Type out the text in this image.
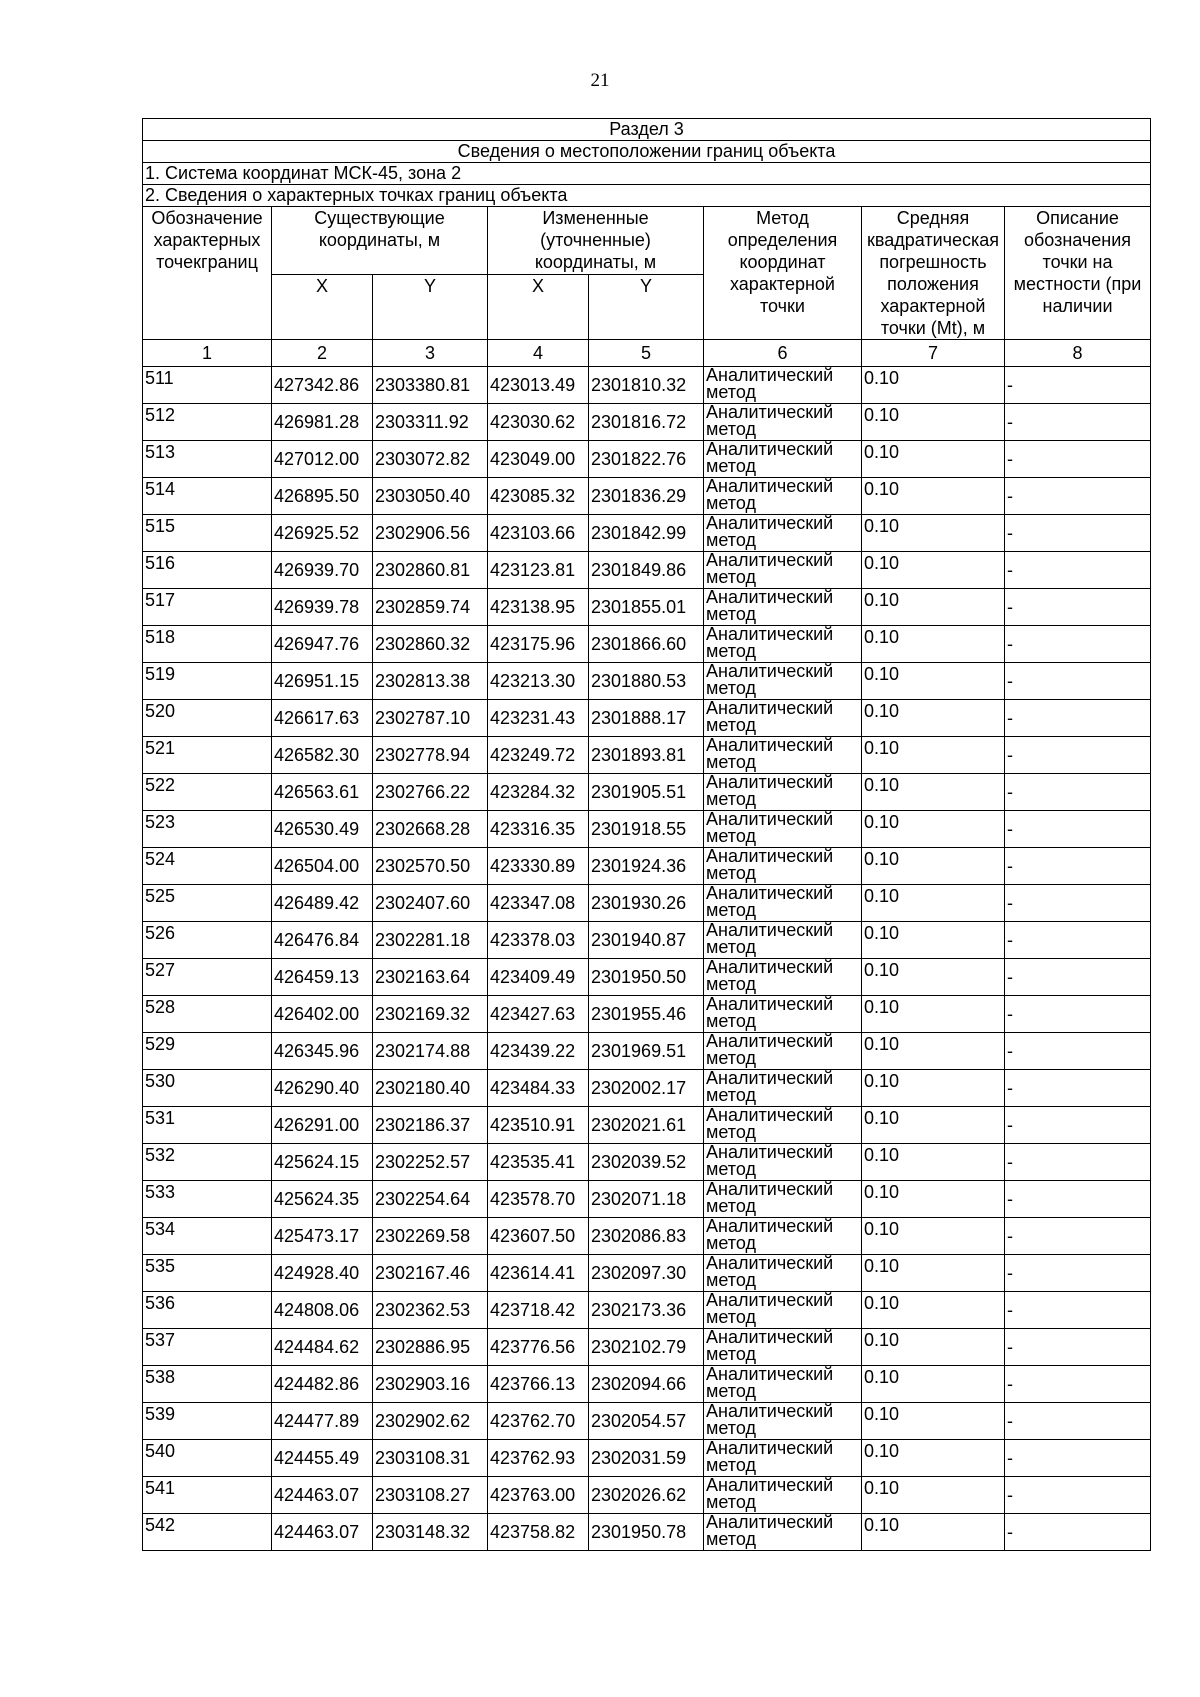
21
Раздел 3							
Сведения о местоположении границ объекта							
1. Система координат МСК-45, зона 2							
2. Сведения о характерных точках границ объекта							
Обозначение характерных точекграниц	Существующие координаты, м		Измененные (уточненные) координаты, м		Метод определения координат характерной точки	Средняя квадратическая погрешность положения характерной точки (Mt), м	Описание обозначения точки на местности (при наличии
	X	Y	X	Y			
1	2	3	4	5	6	7	8
511	427342.86	2303380.81	423013.49	2301810.32	Аналитический метод	0.10	-
512	426981.28	2303311.92	423030.62	2301816.72	Аналитический метод	0.10	-
513	427012.00	2303072.82	423049.00	2301822.76	Аналитический метод	0.10	-
514	426895.50	2303050.40	423085.32	2301836.29	Аналитический метод	0.10	-
515	426925.52	2302906.56	423103.66	2301842.99	Аналитический метод	0.10	-
516	426939.70	2302860.81	423123.81	2301849.86	Аналитический метод	0.10	-
517	426939.78	2302859.74	423138.95	2301855.01	Аналитический метод	0.10	-
518	426947.76	2302860.32	423175.96	2301866.60	Аналитический метод	0.10	-
519	426951.15	2302813.38	423213.30	2301880.53	Аналитический метод	0.10	-
520	426617.63	2302787.10	423231.43	2301888.17	Аналитический метод	0.10	-
521	426582.30	2302778.94	423249.72	2301893.81	Аналитический метод	0.10	-
522	426563.61	2302766.22	423284.32	2301905.51	Аналитический метод	0.10	-
523	426530.49	2302668.28	423316.35	2301918.55	Аналитический метод	0.10	-
524	426504.00	2302570.50	423330.89	2301924.36	Аналитический метод	0.10	-
525	426489.42	2302407.60	423347.08	2301930.26	Аналитический метод	0.10	-
526	426476.84	2302281.18	423378.03	2301940.87	Аналитический метод	0.10	-
527	426459.13	2302163.64	423409.49	2301950.50	Аналитический метод	0.10	-
528	426402.00	2302169.32	423427.63	2301955.46	Аналитический метод	0.10	-
529	426345.96	2302174.88	423439.22	2301969.51	Аналитический метод	0.10	-
530	426290.40	2302180.40	423484.33	2302002.17	Аналитический метод	0.10	-
531	426291.00	2302186.37	423510.91	2302021.61	Аналитический метод	0.10	-
532	425624.15	2302252.57	423535.41	2302039.52	Аналитический метод	0.10	-
533	425624.35	2302254.64	423578.70	2302071.18	Аналитический метод	0.10	-
534	425473.17	2302269.58	423607.50	2302086.83	Аналитический метод	0.10	-
535	424928.40	2302167.46	423614.41	2302097.30	Аналитический метод	0.10	-
536	424808.06	2302362.53	423718.42	2302173.36	Аналитический метод	0.10	-
537	424484.62	2302886.95	423776.56	2302102.79	Аналитический метод	0.10	-
538	424482.86	2302903.16	423766.13	2302094.66	Аналитический метод	0.10	-
539	424477.89	2302902.62	423762.70	2302054.57	Аналитический метод	0.10	-
540	424455.49	2303108.31	423762.93	2302031.59	Аналитический метод	0.10	-
541	424463.07	2303108.27	423763.00	2302026.62	Аналитический метод	0.10	-
542	424463.07	2303148.32	423758.82	2301950.78	Аналитический метод	0.10	-
